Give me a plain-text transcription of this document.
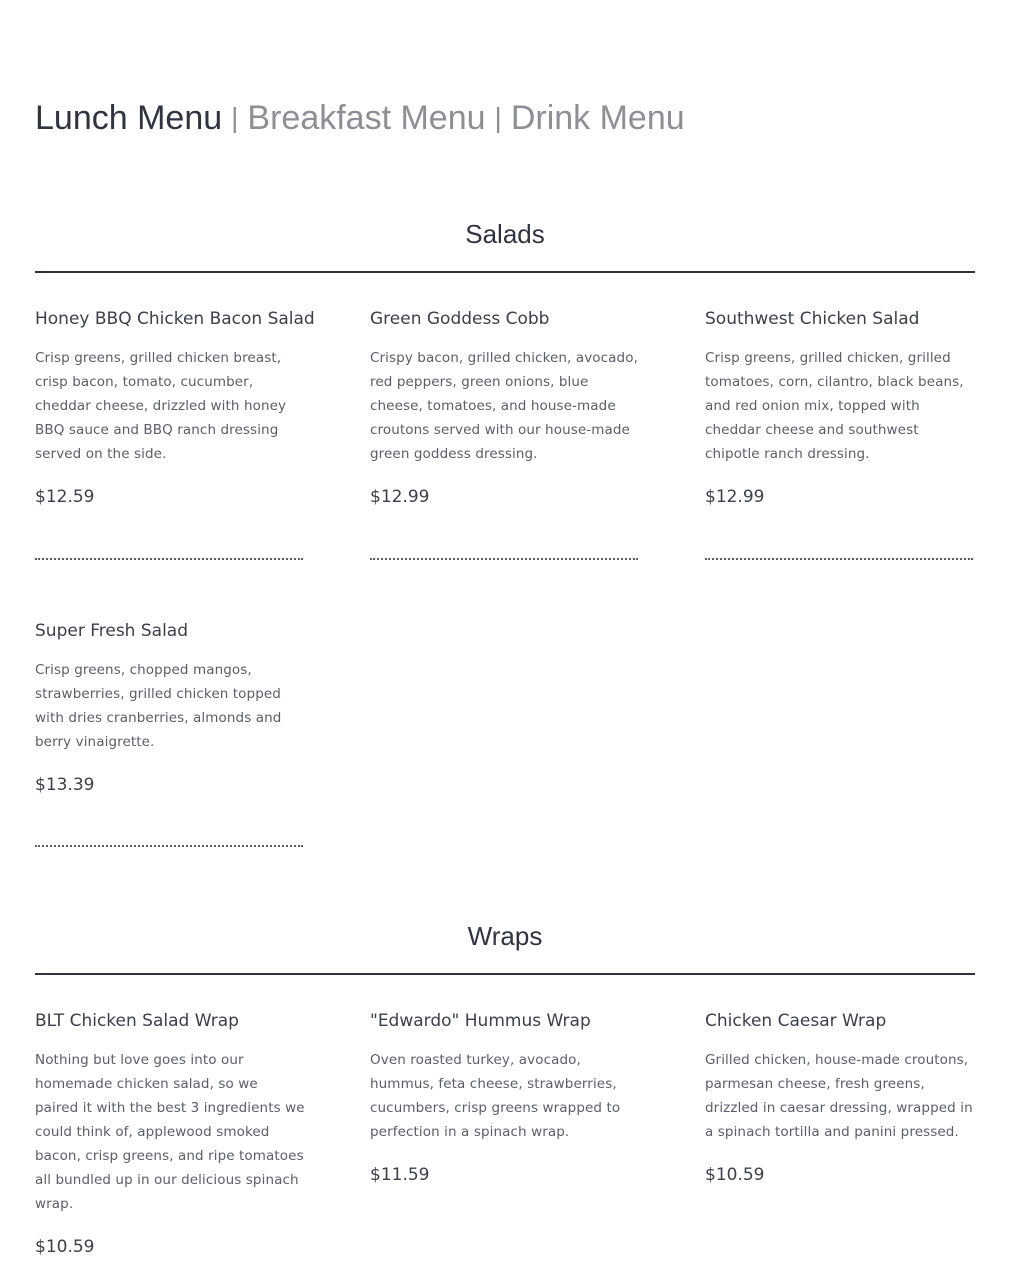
Lunch Menu | Breakfast Menu | Drink Menu
Salads
Honey BBQ Chicken Bacon Salad
Crisp greens, grilled chicken breast, crisp bacon, tomato, cucumber, cheddar cheese, drizzled with honey BBQ sauce and BBQ ranch dressing served on the side.
$12.59
Green Goddess Cobb
Crispy bacon, grilled chicken, avocado, red peppers, green onions, blue cheese, tomatoes, and house-made croutons served with our house-made green goddess dressing.
$12.99
Southwest Chicken Salad
Crisp greens, grilled chicken, grilled tomatoes, corn, cilantro, black beans, and red onion mix, topped with cheddar cheese and southwest chipotle ranch dressing.
$12.99
Super Fresh Salad
Crisp greens, chopped mangos, strawberries, grilled chicken topped with dries cranberries, almonds and berry vinaigrette.
$13.39
Wraps
BLT Chicken Salad Wrap
Nothing but love goes into our homemade chicken salad, so we paired it with the best 3 ingredients we could think of, applewood smoked bacon, crisp greens, and ripe tomatoes all bundled up in our delicious spinach wrap.
$10.59
"Edwardo" Hummus Wrap
Oven roasted turkey, avocado, hummus, feta cheese, strawberries, cucumbers, crisp greens wrapped to perfection in a spinach wrap.
$11.59
Chicken Caesar Wrap
Grilled chicken, house-made croutons, parmesan cheese, fresh greens, drizzled in caesar dressing, wrapped in a spinach tortilla and panini pressed.
$10.59
